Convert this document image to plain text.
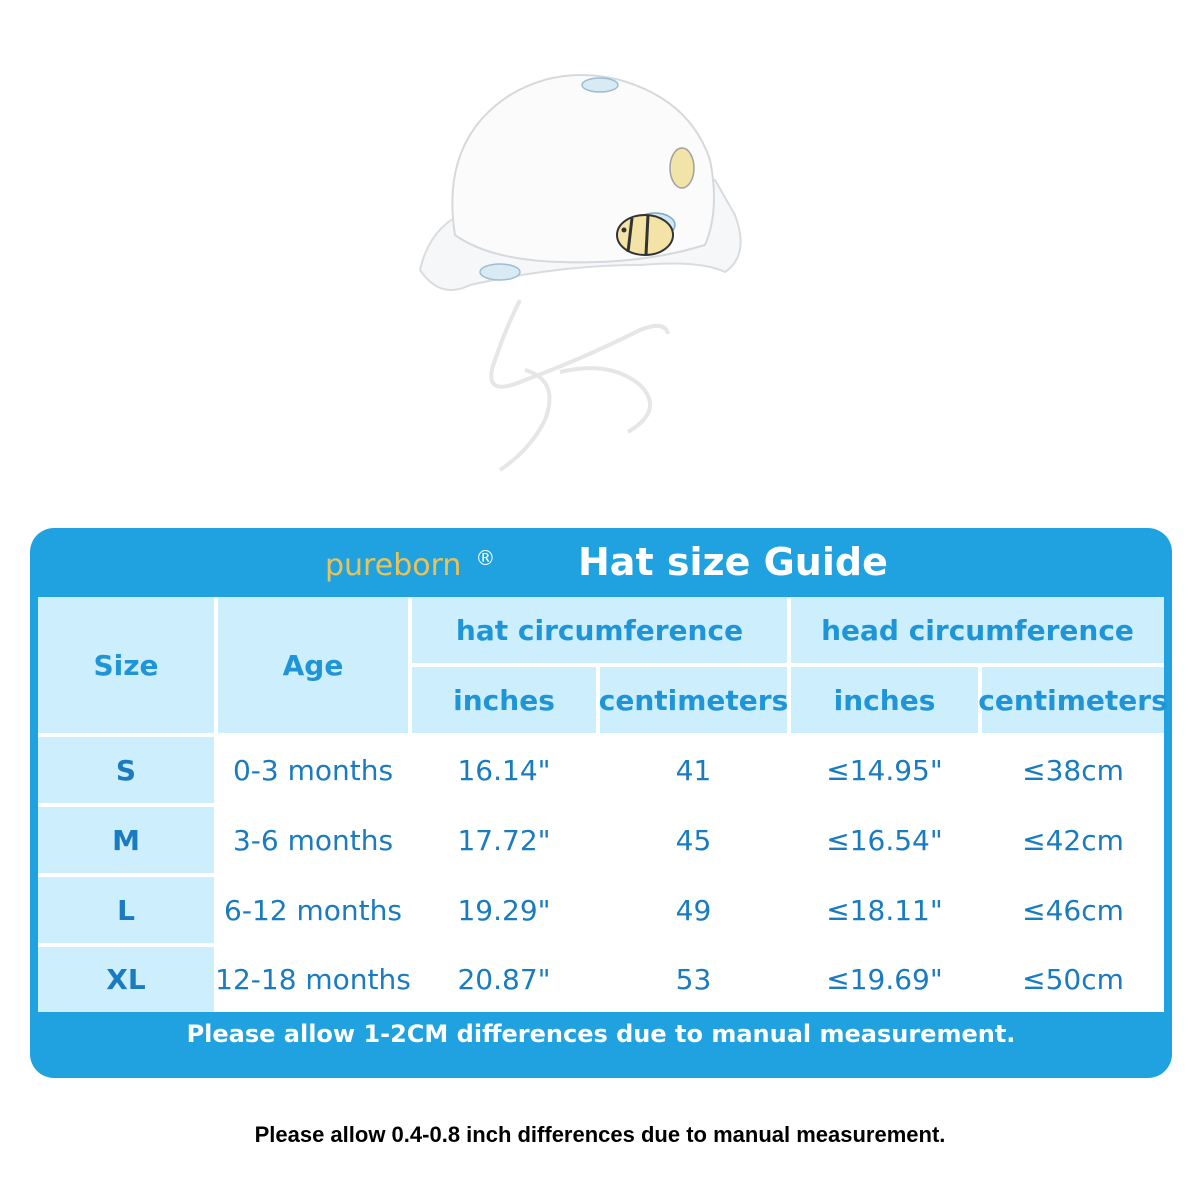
pureborn ® Hat size Guide
Size	Age
hat circumference	head circumference
inches	centimeters	inches	centimeters
S	0-3 months	16.14"	41	≤14.95"	≤38cm
M	3-6 months	17.72"	45	≤16.54"	≤42cm
L	6-12 months	19.29"	49	≤18.11"	≤46cm
XL	12-18 months	20.87"	53	≤19.69"	≤50cm
Please allow 1-2CM differences due to manual measurement.
Please allow 0.4-0.8 inch differences due to manual measurement.
